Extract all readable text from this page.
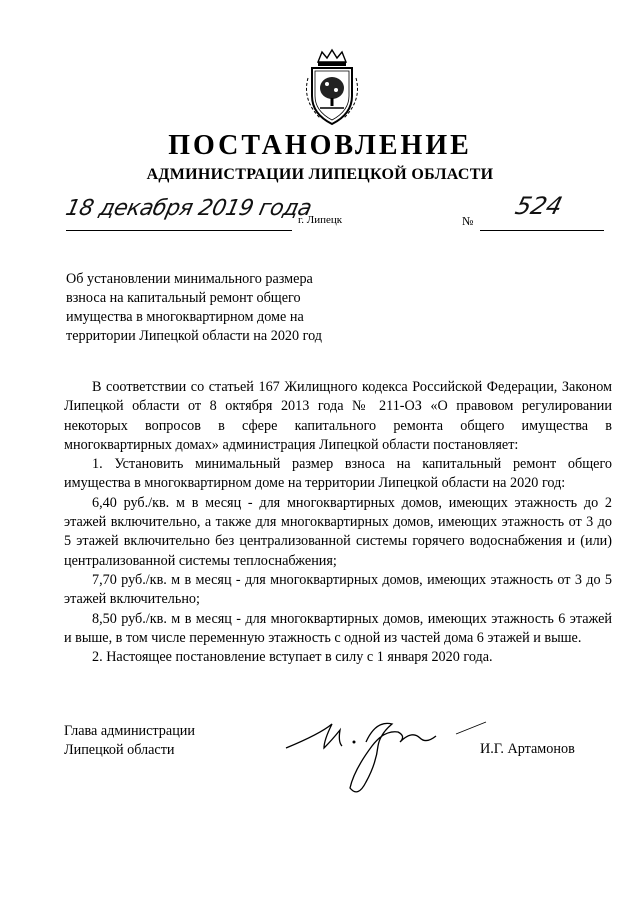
ПОСТАНОВЛЕНИЕ
АДМИНИСТРАЦИИ ЛИПЕЦКОЙ ОБЛАСТИ
18 декабря 2019 года
г. Липецк	№
524
Об установлении минимального размера
взноса на капитальный ремонт общего
имущества в многоквартирном доме на
территории Липецкой области на 2020 год

В соответствии со статьей 167 Жилищного кодекса Российской Федерации, Законом Липецкой области от 8 октября 2013 года № 211-ОЗ «О правовом регулировании некоторых вопросов в сфере капитального ремонта общего имущества в многоквартирных домах» администрация Липецкой области постановляет:

1. Установить минимальный размер взноса на капитальный ремонт общего имущества в многоквартирном доме на территории Липецкой области на 2020 год:

6,40 руб./кв. м в месяц - для многоквартирных домов, имеющих этажность до 2 этажей включительно, а также для многоквартирных домов, имеющих этажность от 3 до 5 этажей включительно без централизованной системы горячего водоснабжения и (или) централизованной системы теплоснабжения;

7,70 руб./кв. м в месяц - для многоквартирных домов, имеющих этажность от 3 до 5 этажей включительно;

8,50 руб./кв. м в месяц - для многоквартирных домов, имеющих этажность 6 этажей и выше, в том числе переменную этажность с одной из частей дома 6 этажей и выше.

2. Настоящее постановление вступает в силу с 1 января 2020 года.

Глава администрации
Липецкой области	И.Г. Артамонов
